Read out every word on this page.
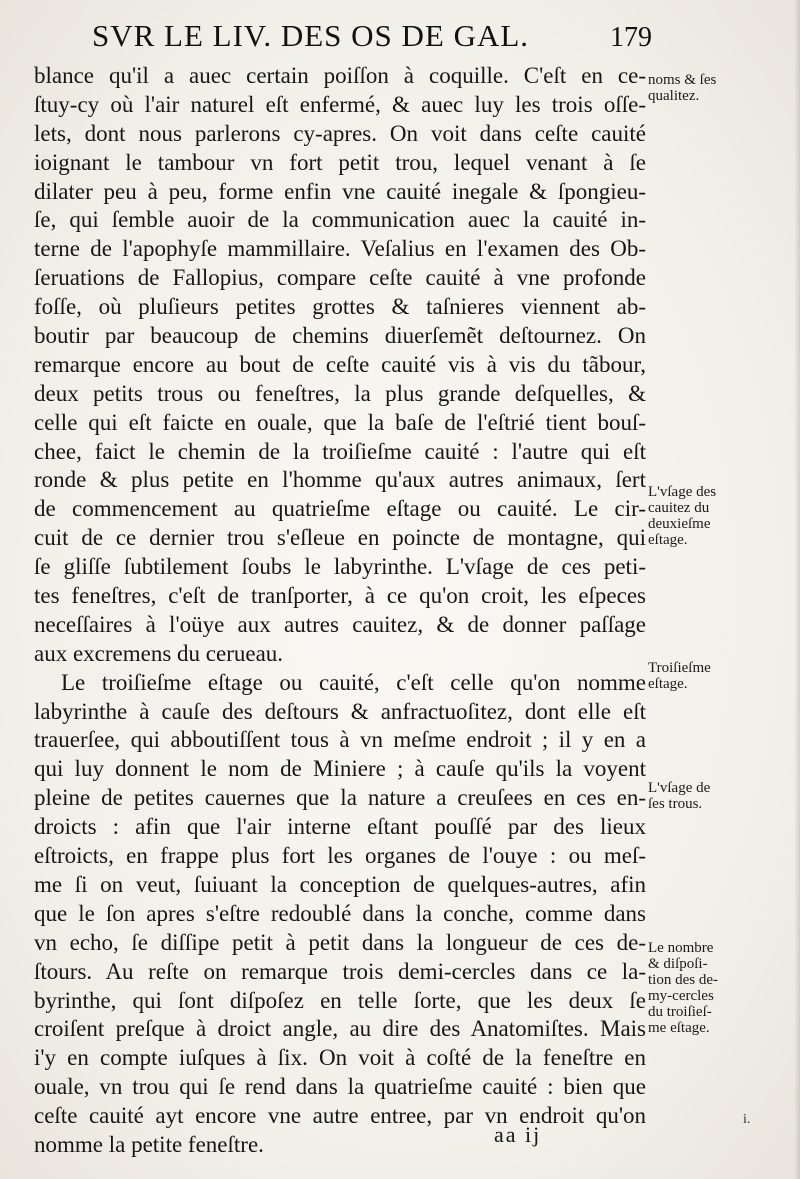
SVR LE LIV. DES OS DE GAL.	179
blance qu'il a auec certain poiſſon à coquille. C'eſt en ce-
ſtuy-cy où l'air naturel eſt enfermé, & auec luy les trois oſſe-
lets, dont nous parlerons cy-apres. On voit dans ceſte cauité
ioignant le tambour vn fort petit trou, lequel venant à ſe
dilater peu à peu, forme enfin vne cauité inegale & ſpongieu-
ſe, qui ſemble auoir de la communication auec la cauité in-
terne de l'apophyſe mammillaire. Veſalius en l'examen des Ob-
ſeruations de Fallopius, compare ceſte cauité à vne profonde
foſſe, où pluſieurs petites grottes & taſnieres viennent ab-
boutir par beaucoup de chemins diuerſemẽt deſtournez. On
remarque encore au bout de ceſte cauité vis à vis du tãbour,
deux petits trous ou feneſtres, la plus grande deſquelles, &
celle qui eſt faicte en ouale, que la baſe de l'eſtrié tient bouſ-
chee, faict le chemin de la troiſieſme cauité : l'autre qui eſt
ronde & plus petite en l'homme qu'aux autres animaux, ſert
de commencement au quatrieſme eſtage ou cauité. Le cir-
cuit de ce dernier trou s'eſleue en poincte de montagne, qui
ſe gliſſe ſubtilement ſoubs le labyrinthe. L'vſage de ces peti-
tes feneſtres, c'eſt de tranſporter, à ce qu'on croit, les eſpeces
neceſſaires à l'oüye aux autres cauitez, & de donner paſſage
aux excremens du cerueau.
Le troiſieſme eſtage ou cauité, c'eſt celle qu'on nomme
labyrinthe à cauſe des deſtours & anfractuoſitez, dont elle eſt
trauerſee, qui abboutiſſent tous à vn meſme endroit ; il y en a
qui luy donnent le nom de Miniere ; à cauſe qu'ils la voyent
pleine de petites cauernes que la nature a creuſees en ces en-
droicts : afin que l'air interne eſtant pouſſé par des lieux
eſtroicts, en frappe plus fort les organes de l'ouye : ou meſ-
me ſi on veut, ſuiuant la conception de quelques-autres, afin
que le ſon apres s'eſtre redoublé dans la conche, comme dans
vn echo, ſe diſſipe petit à petit dans la longueur de ces de-
ſtours. Au reſte on remarque trois demi-cercles dans ce la-
byrinthe, qui ſont diſpoſez en telle ſorte, que les deux ſe
croiſent preſque à droict angle, au dire des Anatomiſtes. Mais
i'y en compte iuſques à ſix. On voit à coſté de la feneſtre en
ouale, vn trou qui ſe rend dans la quatrieſme cauité : bien que
ceſte cauité ayt encore vne autre entree, par vn endroit qu'on
nomme la petite feneſtre.
noms & ſes
qualitez.
L'vſage des
cauitez du
deuxieſme
eſtage.
Troiſieſme
eſtage.
L'vſage de
ſes trous.
Le nombre
& diſpoſi-
tion des de-
my-cercles
du troiſieſ-
me eſtage.
aa ij
i.
